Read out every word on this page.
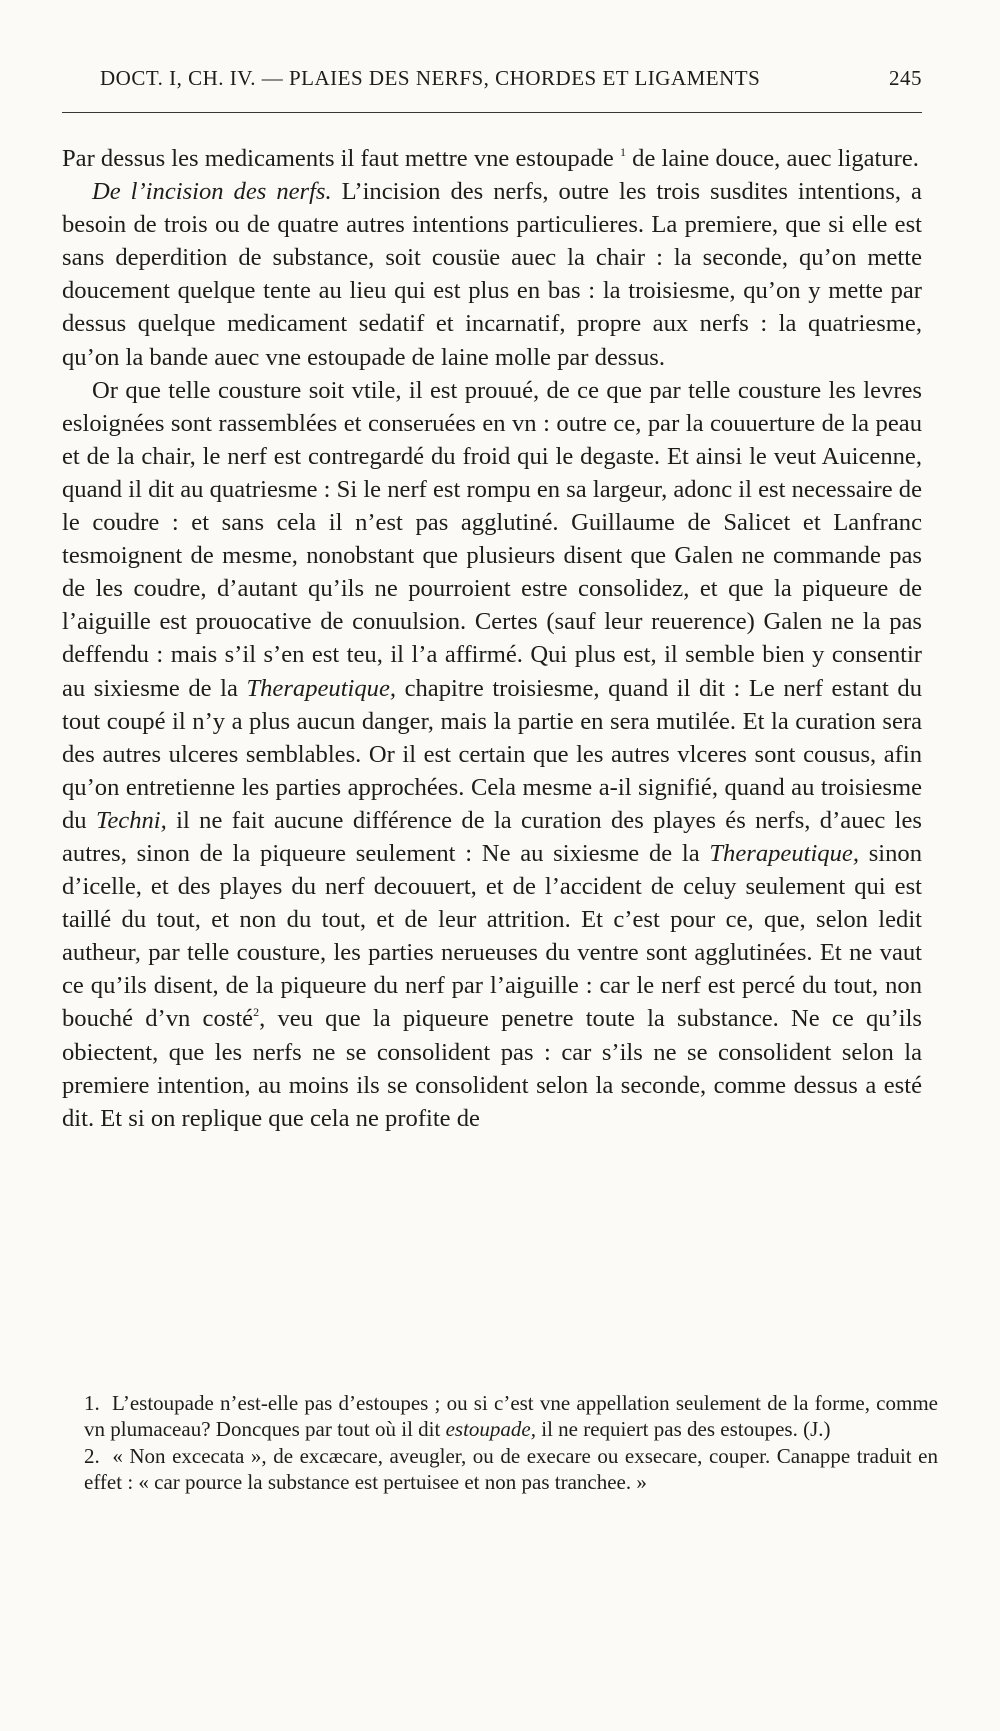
DOCT. I, CH. IV. — PLAIES DES NERFS, CHORDES ET LIGAMENTS	245

Par dessus les medicaments il faut mettre vne estoupade $^1$ de laine douce, auec ligature.

De l’incision des nerfs. L’incision des nerfs, outre les trois susdites intentions, a besoin de trois ou de quatre autres intentions particulieres. La premiere, que si elle est sans deperdition de substance, soit cousüe auec la chair : la seconde, qu’on mette doucement quelque tente au lieu qui est plus en bas : la troisiesme, qu’on y mette par dessus quelque medicament sedatif et incarnatif, propre aux nerfs : la quatriesme, qu’on la bande auec vne estoupade de laine molle par dessus.

Or que telle cousture soit vtile, il est prouué, de ce que par telle cousture les levres esloignées sont rassemblées et conseruées en vn : outre ce, par la couuerture de la peau et de la chair, le nerf est contregardé du froid qui le degaste. Et ainsi le veut Auicenne, quand il dit au quatriesme : Si le nerf est rompu en sa largeur, adonc il est necessaire de le coudre : et sans cela il n’est pas agglutiné. Guillaume de Salicet et Lanfranc tesmoignent de mesme, nonobstant que plusieurs disent que Galen ne commande pas de les coudre, d’autant qu’ils ne pourroient estre consolidez, et que la piqueure de l’aiguille est prouocative de conuulsion. Certes (sauf leur reuerence) Galen ne la pas deffendu : mais s’il s’en est teu, il l’a affirmé. Qui plus est, il semble bien y consentir au sixiesme de la Therapeutique, chapitre troisiesme, quand il dit : Le nerf estant du tout coupé il n’y a plus aucun danger, mais la partie en sera mutilée. Et la curation sera des autres ulceres semblables. Or il est certain que les autres vlceres sont cousus, afin qu’on entretienne les parties approchées. Cela mesme a-il signifié, quand au troisiesme du Techni, il ne fait aucune différence de la curation des playes és nerfs, d’auec les autres, sinon de la piqueure seulement : Ne au sixiesme de la Therapeutique, sinon d’icelle, et des playes du nerf decouuert, et de l’accident de celuy seulement qui est taillé du tout, et non du tout, et de leur attrition. Et c’est pour ce, que, selon ledit autheur, par telle cousture, les parties nerueuses du ventre sont agglutinées. Et ne vaut ce qu’ils disent, de la piqueure du nerf par l’aiguille : car le nerf est percé du tout, non bouché d’vn costé$^2$, veu que la piqueure penetre toute la substance. Ne ce qu’ils obiectent, que les nerfs ne se consolident pas : car s’ils ne se consolident selon la premiere intention, au moins ils se consolident selon la seconde, comme dessus a esté dit. Et si on replique que cela ne profite de

1. L’estoupade n’est-elle pas d’estoupes ; ou si c’est vne appellation seulement de la forme, comme vn plumaceau? Doncques par tout où il dit estoupade, il ne requiert pas des estoupes. (J.)

2. « Non excecata », de excæcare, aveugler, ou de execare ou exsecare, couper. Canappe traduit en effet : « car pource la substance est pertuisee et non pas tranchee. »
